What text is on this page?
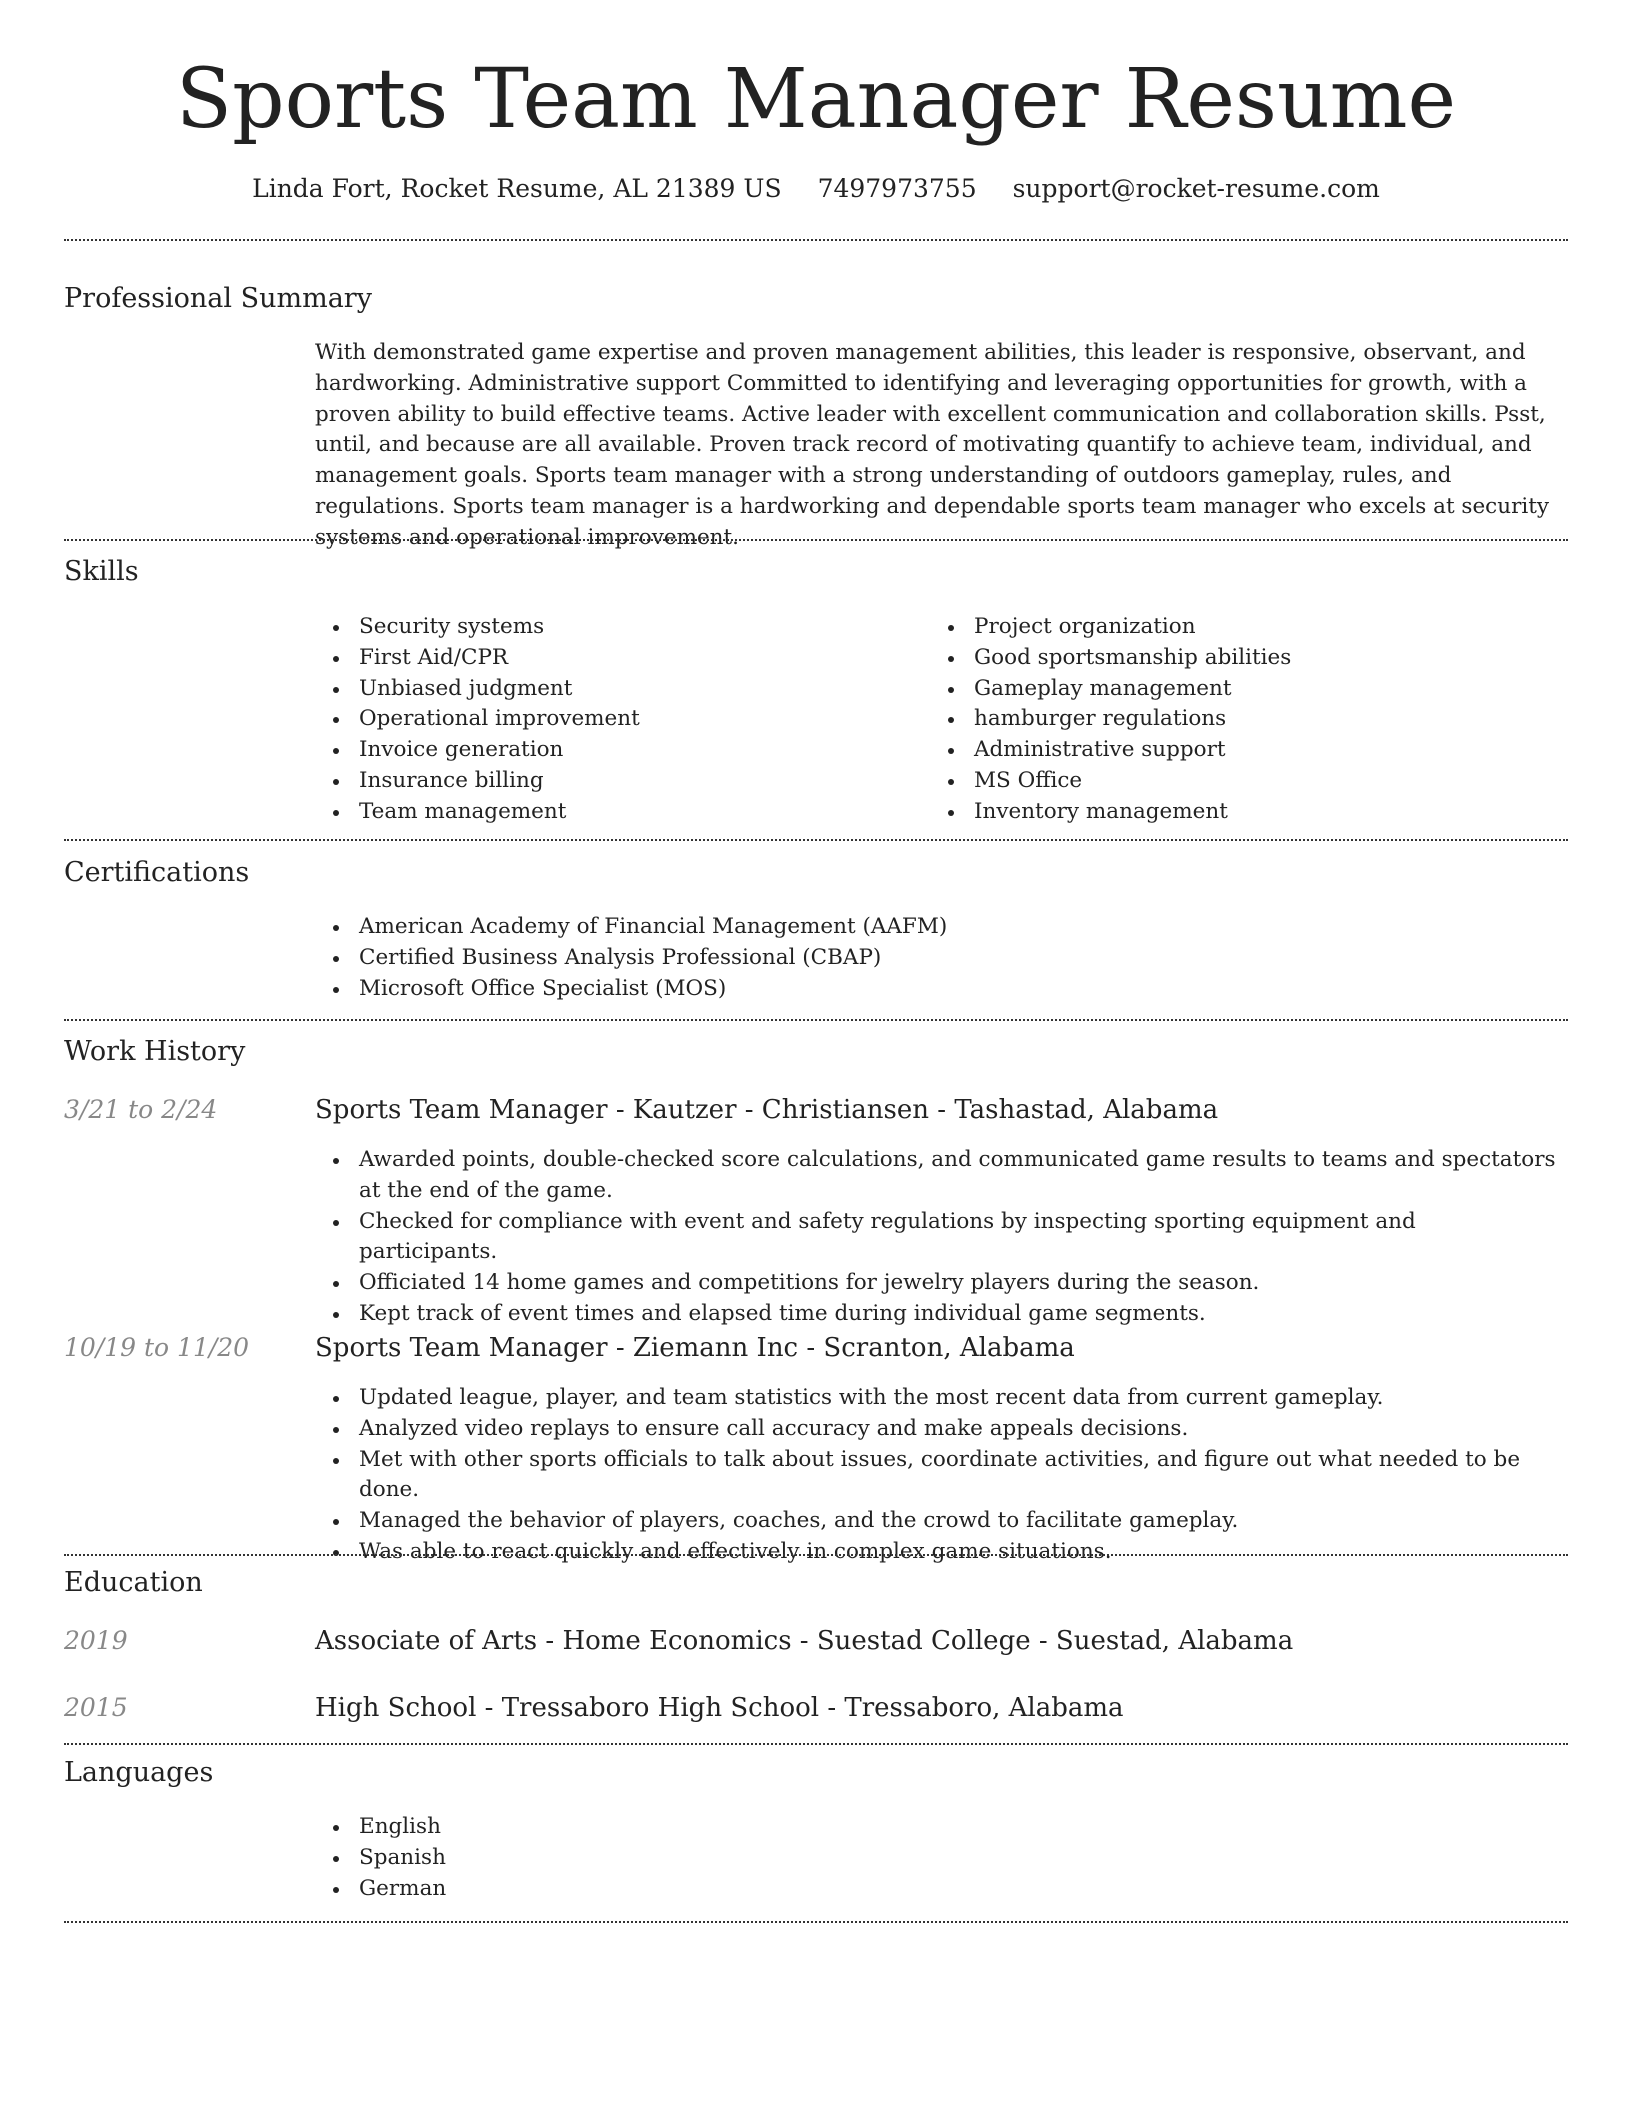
Sports Team Manager Resume
Linda Fort, Rocket Resume, AL 21389 US 7497973755 support@rocket-resume.com
Professional Summary

With demonstrated game expertise and proven management abilities, this leader is responsive, observant, and hardworking. Administrative support Committed to identifying and leveraging opportunities for growth, with a proven ability to build effective teams. Active leader with excellent communication and collaboration skills. Psst, until, and because are all available. Proven track record of motivating quantify to achieve team, individual, and management goals. Sports team manager with a strong understanding of outdoors gameplay, rules, and regulations. Sports team manager is a hardworking and dependable sports team manager who excels at security systems and operational improvement.

Skills
Security systems
First Aid/CPR
Unbiased judgment
Operational improvement
Invoice generation
Insurance billing
Team management
Project organization
Good sportsmanship abilities
Gameplay management
hamburger regulations
Administrative support
MS Office
Inventory management
Certifications
American Academy of Financial Management (AAFM)
Certified Business Analysis Professional (CBAP)
Microsoft Office Specialist (MOS)
Work History
3/21 to 2/24	Sports Team Manager - Kautzer - Christiansen - Tashastad, Alabama
Awarded points, double-checked score calculations, and communicated game results to teams and spectators at the end of the game.
Checked for compliance with event and safety regulations by inspecting sporting equipment and participants.
Officiated 14 home games and competitions for jewelry players during the season.
Kept track of event times and elapsed time during individual game segments.
10/19 to 11/20	Sports Team Manager - Ziemann Inc - Scranton, Alabama
Updated league, player, and team statistics with the most recent data from current gameplay.
Analyzed video replays to ensure call accuracy and make appeals decisions.
Met with other sports officials to talk about issues, coordinate activities, and figure out what needed to be done.
Managed the behavior of players, coaches, and the crowd to facilitate gameplay.
Was able to react quickly and effectively in complex game situations.
Education
2019	Associate of Arts - Home Economics - Suestad College - Suestad, Alabama
2015	High School - Tressaboro High School - Tressaboro, Alabama
Languages
English
Spanish
German
